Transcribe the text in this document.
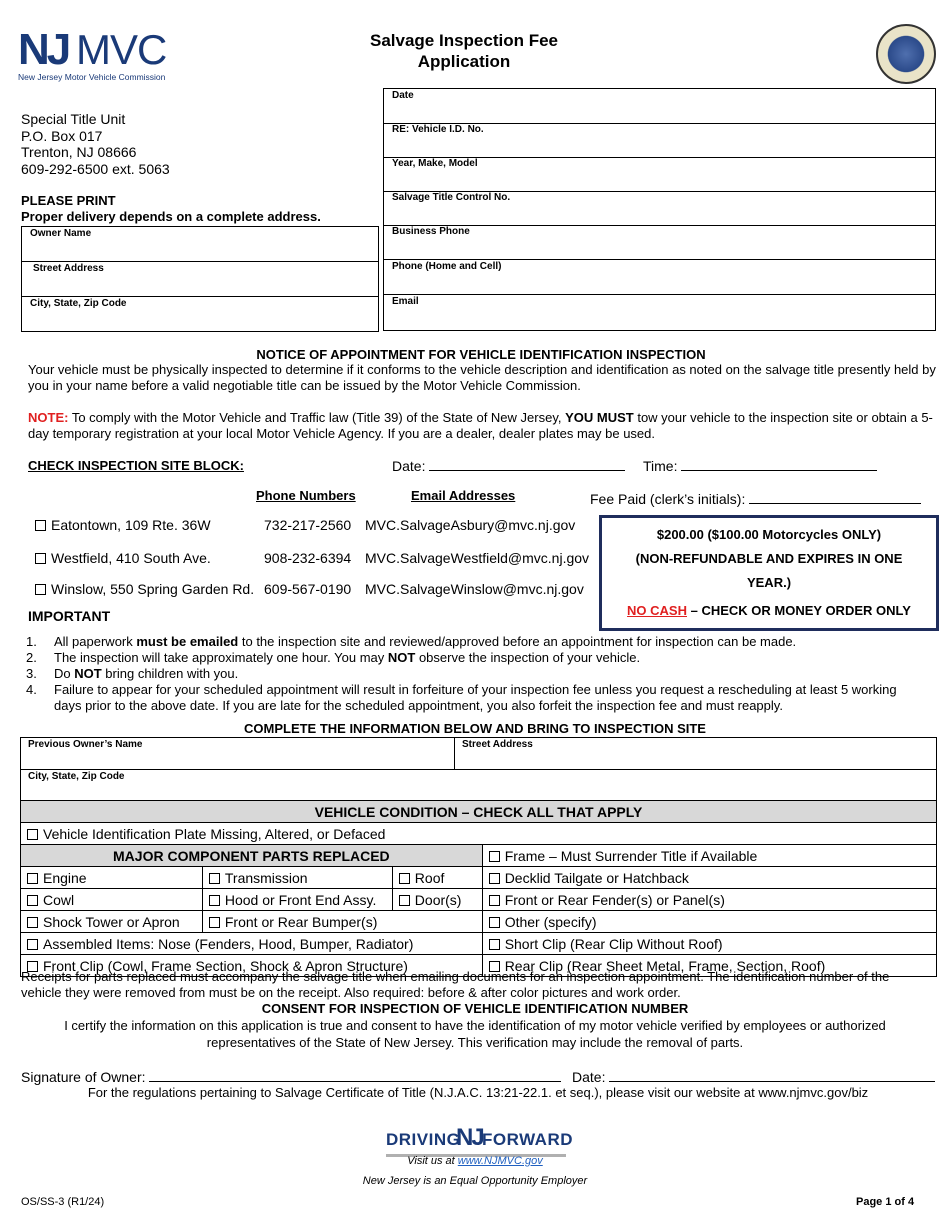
NJ MVC
New Jersey Motor Vehicle Commission
Salvage Inspection Fee
Application
Special Title Unit
P.O. Box 017
Trenton, NJ 08666
609-292-6500 ext. 5063
PLEASE PRINT
Proper delivery depends on a complete address.
Owner Name
Street Address
City, State, Zip Code
Date
RE: Vehicle I.D. No.
Year, Make, Model
Salvage Title Control No.
Business Phone
Phone (Home and Cell)
Email
NOTICE OF APPOINTMENT FOR VEHICLE IDENTIFICATION INSPECTION
Your vehicle must be physically inspected to determine if it conforms to the vehicle description and identification as noted on the salvage title presently held by you in your name before a valid negotiable title can be issued by the Motor Vehicle Commission.
NOTE: To comply with the Motor Vehicle and Traffic law (Title 39) of the State of New Jersey, YOU MUST tow your vehicle to the inspection site or obtain a 5-day temporary registration at your local Motor Vehicle Agency. If you are a dealer, dealer plates may be used.
CHECK INSPECTION SITE BLOCK:	Date:	Time:
Phone Numbers	Email Addresses	Fee Paid (clerk’s initials):
Eatontown, 109 Rte. 36W	732-217-2560 MVC.SalvageAsbury@mvc.nj.gov
Westfield, 410 South Ave.	908-232-6394 MVC.SalvageWestfield@mvc.nj.gov
Winslow, 550 Spring Garden Rd. 609-567-0190 MVC.SalvageWinslow@mvc.nj.gov
$200.00 ($100.00 Motorcycles ONLY)
(NON-REFUNDABLE AND EXPIRES IN ONE
YEAR.)
NO CASH – CHECK OR MONEY ORDER ONLY
IMPORTANT
1.	All paperwork must be emailed to the inspection site and reviewed/approved before an appointment for inspection can be made.
2.	The inspection will take approximately one hour. You may NOT observe the inspection of your vehicle.
3.	Do NOT bring children with you.
4.	Failure to appear for your scheduled appointment will result in forfeiture of your inspection fee unless you request a rescheduling at least 5 working days prior to the above date. If you are late for the scheduled appointment, you also forfeit the inspection fee and must reapply.
COMPLETE THE INFORMATION BELOW AND BRING TO INSPECTION SITE
Previous Owner’s Name	Street Address
City, State, Zip Code
VEHICLE CONDITION – CHECK ALL THAT APPLY			
Vehicle Identification Plate Missing, Altered, or Defaced			
MAJOR COMPONENT PARTS REPLACED			Frame – Must Surrender Title if Available
Engine	Transmission	Roof	Decklid Tailgate or Hatchback
Cowl	Hood or Front End Assy.	Door(s)	Front or Rear Fender(s) or Panel(s)
Shock Tower or Apron	Front or Rear Bumper(s)		Other (specify)
Assembled Items: Nose (Fenders, Hood, Bumper, Radiator)			Short Clip (Rear Clip Without Roof)
Front Clip (Cowl, Frame Section, Shock & Apron Structure)			Rear Clip (Rear Sheet Metal, Frame, Section, Roof)
Receipts for parts replaced must accompany the salvage title when emailing documents for an inspection appointment. The identification number of the vehicle they were removed from must be on the receipt. Also required: before & after color pictures and work order.
CONSENT FOR INSPECTION OF VEHICLE IDENTIFICATION NUMBER
I certify the information on this application is true and consent to have the identification of my motor vehicle verified by employees or authorized representatives of the State of New Jersey. This verification may include the removal of parts.
Signature of Owner:	Date:
For the regulations pertaining to Salvage Certificate of Title (N.J.A.C. 13:21-22.1. et seq.), please visit our website at www.njmvc.gov/biz
DRIVING
NJ FORWARD
Visit us at www.NJMVC.gov
New Jersey is an Equal Opportunity Employer
OS/SS-3 (R1/24)	Page 1 of 4
